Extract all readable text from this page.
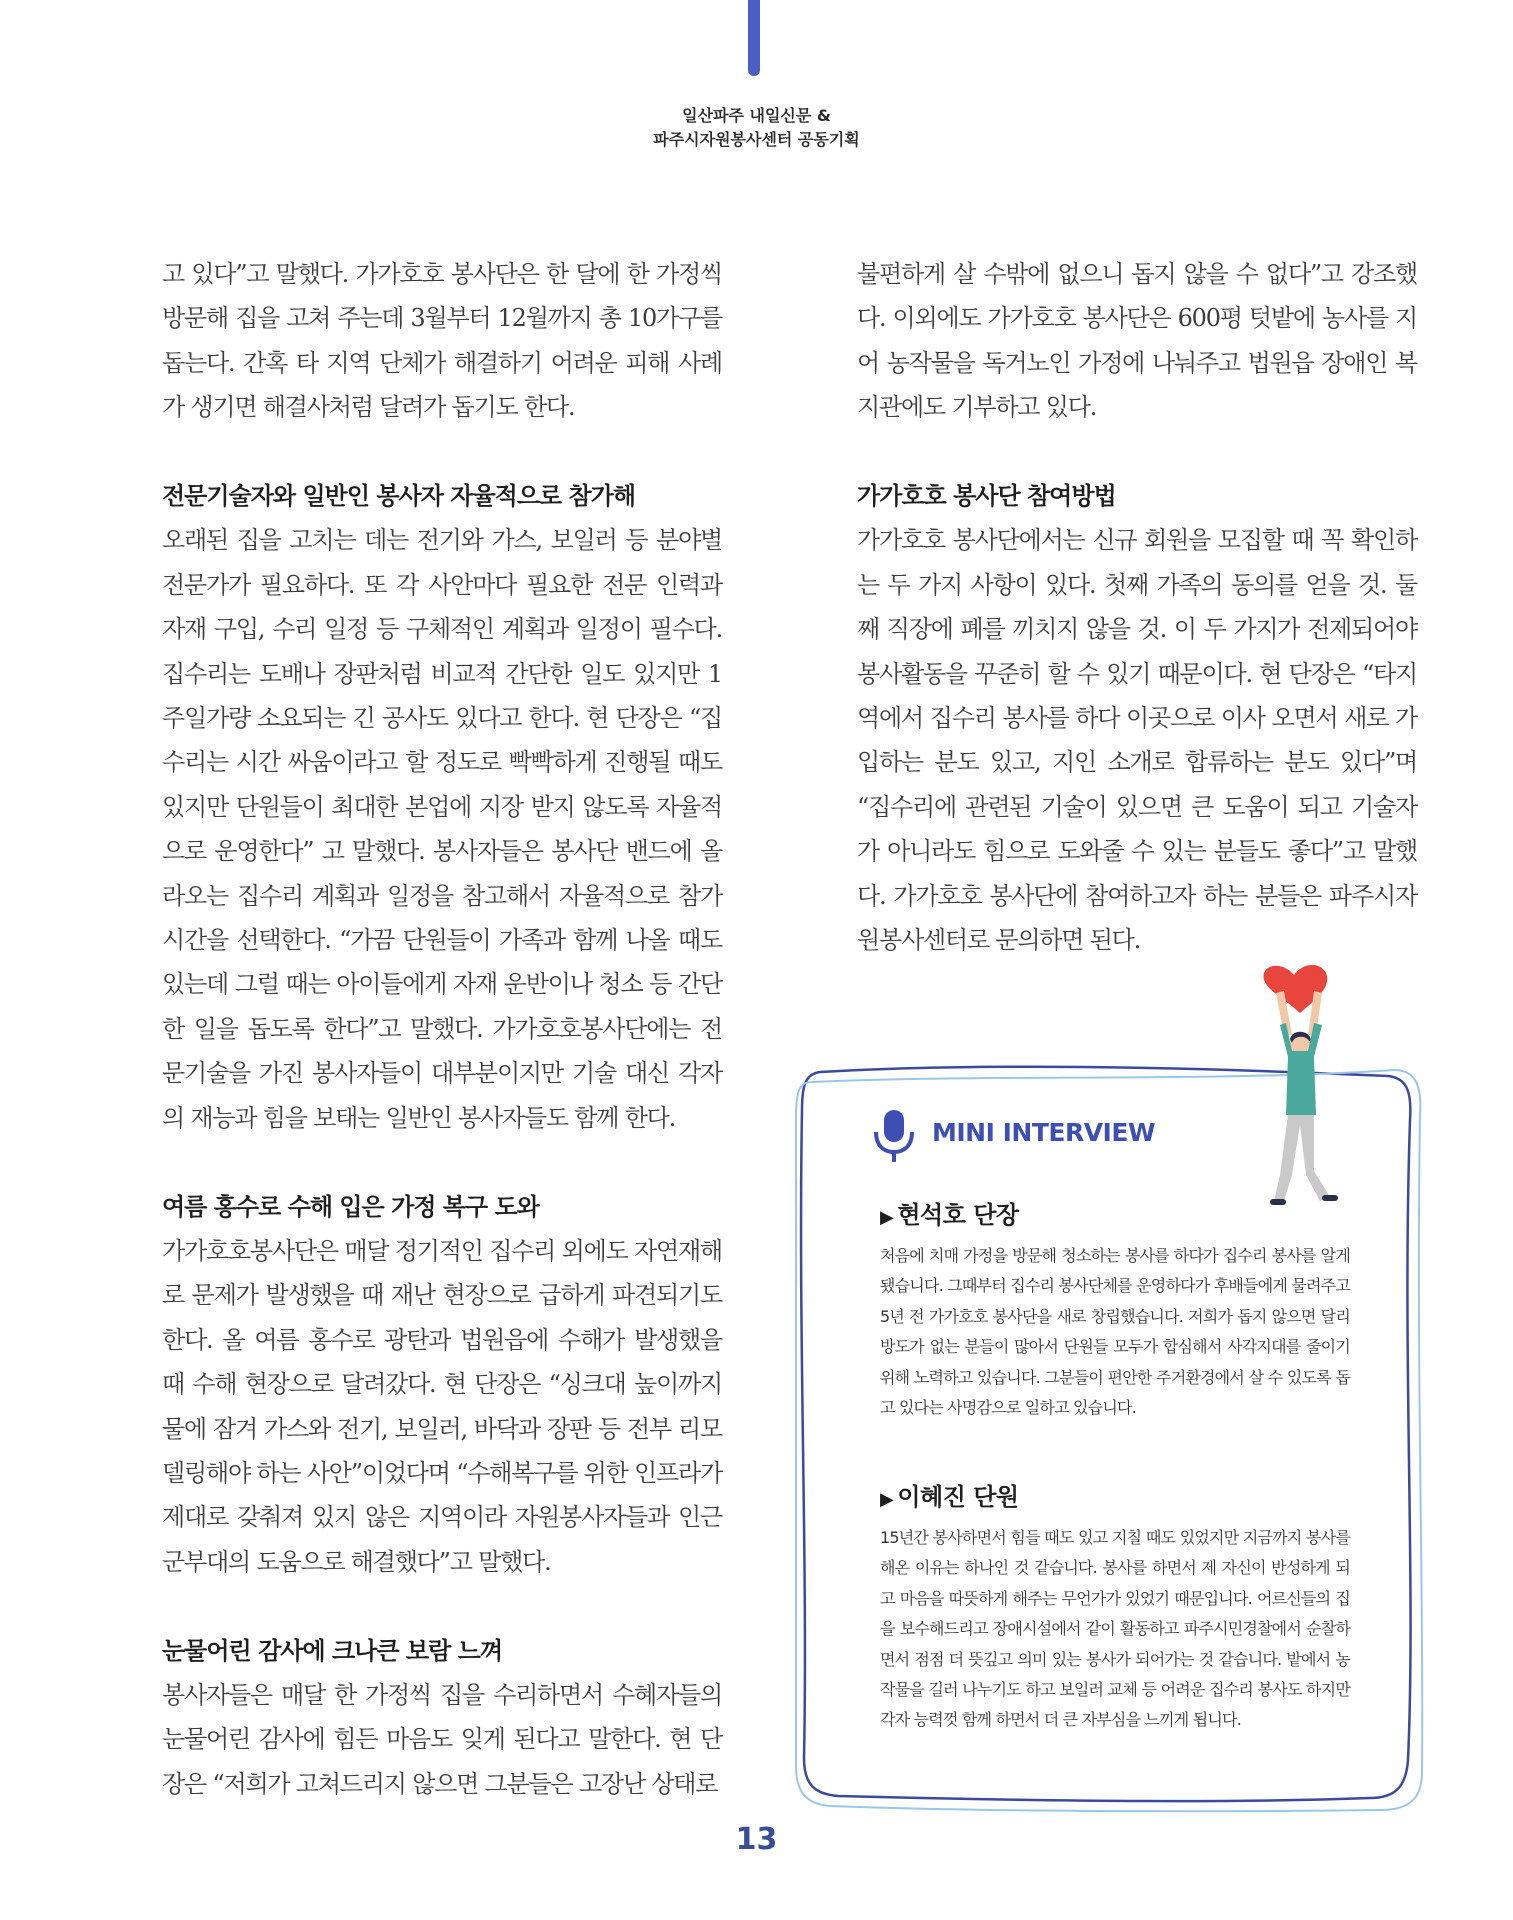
일산파주 내일신문 &
파주시자원봉사센터 공동기획

고 있다”고 말했다. 가가호호 봉사단은 한 달에 한 가정씩 방문해 집을 고쳐 주는데 3월부터 12월까지 총 10가구를 돕는다. 간혹 타 지역 단체가 해결하기 어려운 피해 사례가 생기면 해결사처럼 달려가 돕기도 한다.

전문기술자와 일반인 봉사자 자율적으로 참가해

오래된 집을 고치는 데는 전기와 가스, 보일러 등 분야별 전문가가 필요하다. 또 각 사안마다 필요한 전문 인력과 자재 구입, 수리 일정 등 구체적인 계획과 일정이 필수다. 집수리는 도배나 장판처럼 비교적 간단한 일도 있지만 1주일가량 소요되는 긴 공사도 있다고 한다. 현 단장은 “집수리는 시간 싸움이라고 할 정도로 빡빡하게 진행될 때도 있지만 단원들이 최대한 본업에 지장 받지 않도록 자율적으로 운영한다” 고 말했다. 봉사자들은 봉사단 밴드에 올라오는 집수리 계획과 일정을 참고해서 자율적으로 참가 시간을 선택한다. “가끔 단원들이 가족과 함께 나올 때도 있는데 그럴 때는 아이들에게 자재 운반이나 청소 등 간단한 일을 돕도록 한다”고 말했다. 가가호호봉사단에는 전문기술을 가진 봉사자들이 대부분이지만 기술 대신 각자의 재능과 힘을 보태는 일반인 봉사자들도 함께 한다.

여름 홍수로 수해 입은 가정 복구 도와

가가호호봉사단은 매달 정기적인 집수리 외에도 자연재해로 문제가 발생했을 때 재난 현장으로 급하게 파견되기도 한다. 올 여름 홍수로 광탄과 법원읍에 수해가 발생했을 때 수해 현장으로 달려갔다. 현 단장은 “싱크대 높이까지 물에 잠겨 가스와 전기, 보일러, 바닥과 장판 등 전부 리모델링해야 하는 사안”이었다며 “수해복구를 위한 인프라가 제대로 갖춰져 있지 않은 지역이라 자원봉사자들과 인근 군부대의 도움으로 해결했다”고 말했다.

눈물어린 감사에 크나큰 보람 느껴

봉사자들은 매달 한 가정씩 집을 수리하면서 수혜자들의 눈물어린 감사에 힘든 마음도 잊게 된다고 말한다. 현 단장은 “저희가 고쳐드리지 않으면 그분들은 고장난 상태로

불편하게 살 수밖에 없으니 돕지 않을 수 없다”고 강조했다. 이외에도 가가호호 봉사단은 600평 텃밭에 농사를 지어 농작물을 독거노인 가정에 나눠주고 법원읍 장애인 복지관에도 기부하고 있다.

가가호호 봉사단 참여방법

가가호호 봉사단에서는 신규 회원을 모집할 때 꼭 확인하는 두 가지 사항이 있다. 첫째 가족의 동의를 얻을 것. 둘째 직장에 폐를 끼치지 않을 것. 이 두 가지가 전제되어야 봉사활동을 꾸준히 할 수 있기 때문이다. 현 단장은 “타지역에서 집수리 봉사를 하다 이곳으로 이사 오면서 새로 가입하는 분도 있고, 지인 소개로 합류하는 분도 있다”며 “집수리에 관련된 기술이 있으면 큰 도움이 되고 기술자가 아니라도 힘으로 도와줄 수 있는 분들도 좋다”고 말했다. 가가호호 봉사단에 참여하고자 하는 분들은 파주시자원봉사센터로 문의하면 된다.

MINI INTERVIEW
▶ 현석호 단장

처음에 치매 가정을 방문해 청소하는 봉사를 하다가 집수리 봉사를 알게 됐습니다. 그때부터 집수리 봉사단체를 운영하다가 후배들에게 물려주고 5년 전 가가호호 봉사단을 새로 창립했습니다. 저희가 돕지 않으면 달리 방도가 없는 분들이 많아서 단원들 모두가 합심해서 사각지대를 줄이기 위해 노력하고 있습니다. 그분들이 편안한 주거환경에서 살 수 있도록 돕고 있다는 사명감으로 일하고 있습니다.

▶ 이혜진 단원

15년간 봉사하면서 힘들 때도 있고 지칠 때도 있었지만 지금까지 봉사를 해온 이유는 하나인 것 같습니다. 봉사를 하면서 제 자신이 반성하게 되고 마음을 따뜻하게 해주는 무언가가 있었기 때문입니다. 어르신들의 집을 보수해드리고 장애시설에서 같이 활동하고 파주시민경찰에서 순찰하면서 점점 더 뜻깊고 의미 있는 봉사가 되어가는 것 같습니다. 밭에서 농작물을 길러 나누기도 하고 보일러 교체 등 어려운 집수리 봉사도 하지만 각자 능력껏 함께 하면서 더 큰 자부심을 느끼게 됩니다.

13
